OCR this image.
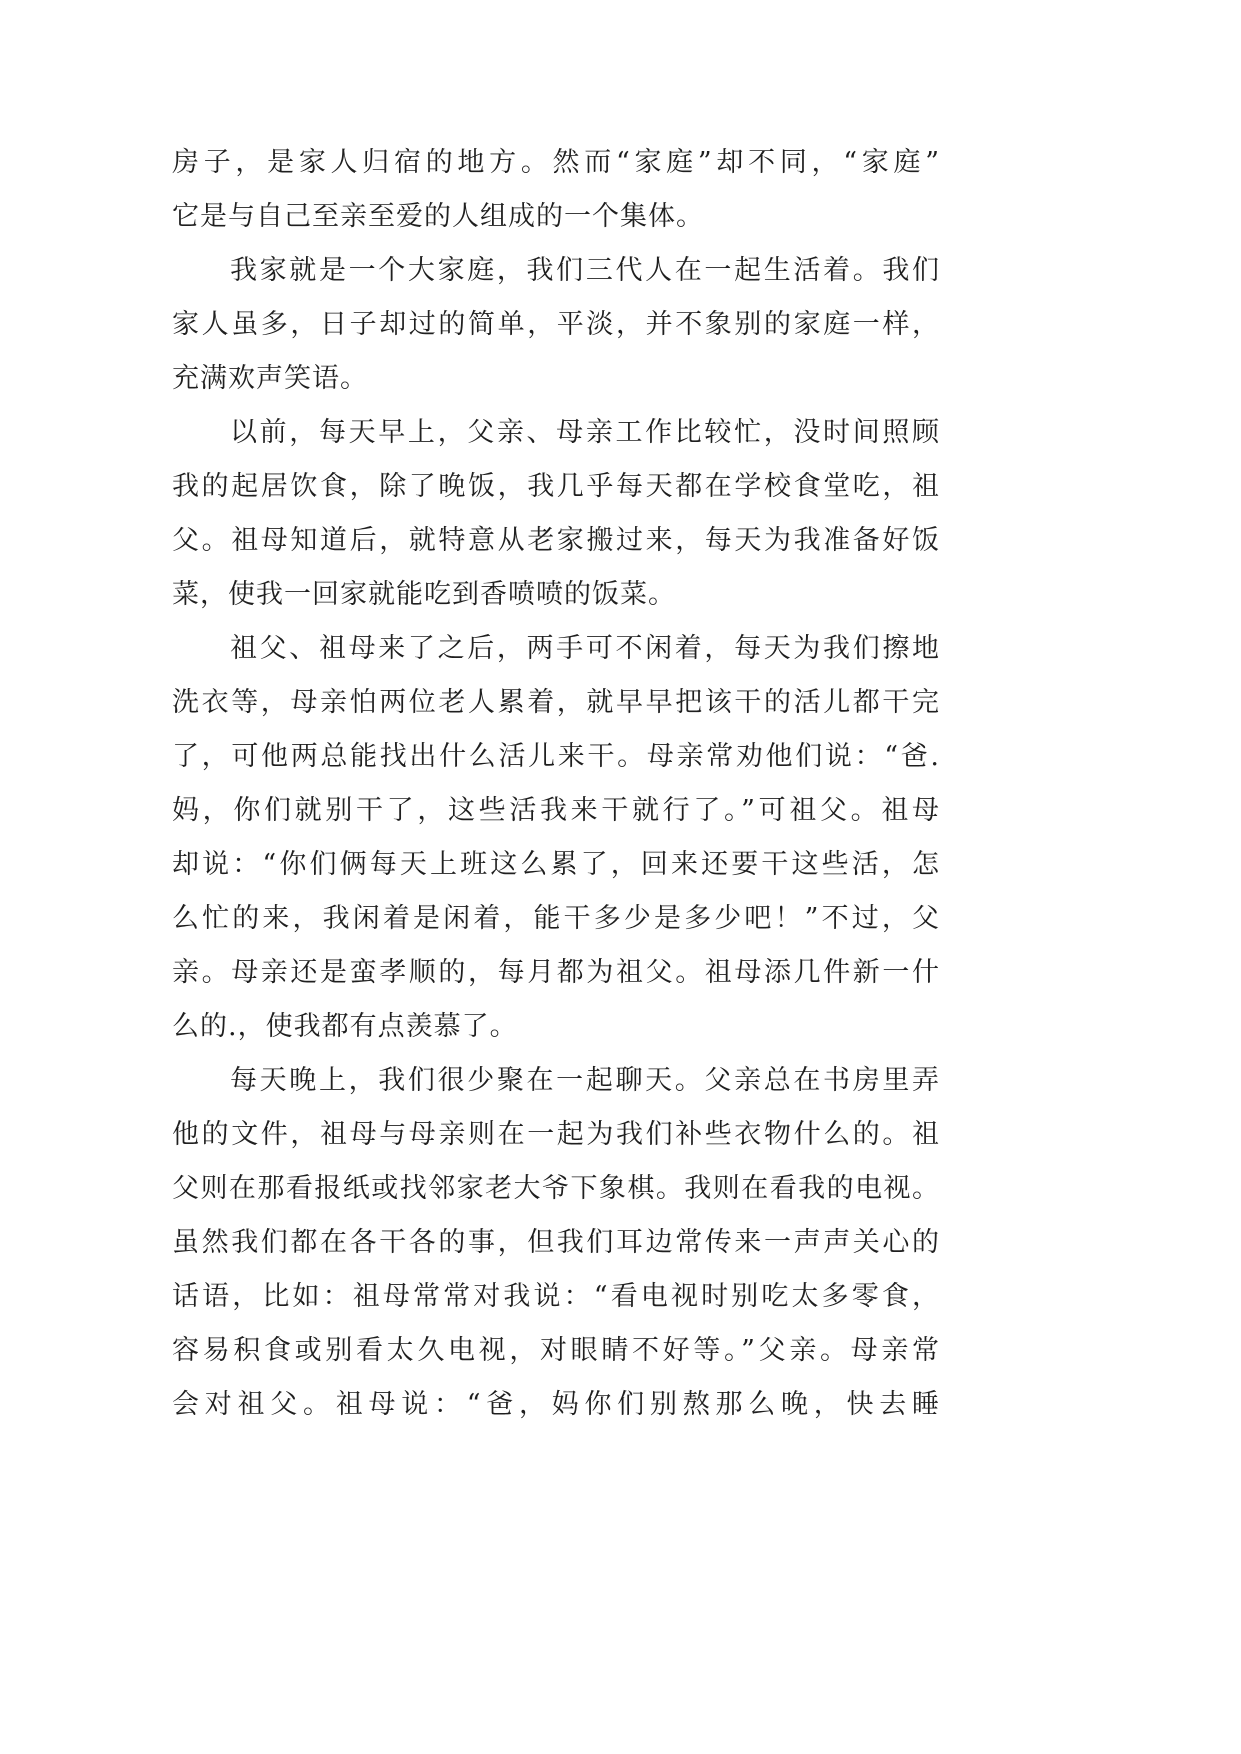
房子，是家人归宿的地方。然而“家庭”却不同，“家庭”
它是与自己至亲至爱的人组成的一个集体。
我家就是一个大家庭，我们三代人在一起生活着。我们
家人虽多，日子却过的简单，平淡，并不象别的家庭一样，
充满欢声笑语。
以前，每天早上，父亲、母亲工作比较忙，没时间照顾
我的起居饮食，除了晚饭，我几乎每天都在学校食堂吃，祖
父。祖母知道后，就特意从老家搬过来，每天为我准备好饭
菜，使我一回家就能吃到香喷喷的饭菜。
祖父、祖母来了之后，两手可不闲着，每天为我们擦地
洗衣等，母亲怕两位老人累着，就早早把该干的活儿都干完
了，可他两总能找出什么活儿来干。母亲常劝他们说：“爸.
妈，你们就别干了，这些活我来干就行了。”可祖父。祖母
却说：“你们俩每天上班这么累了，回来还要干这些活，怎
么忙的来，我闲着是闲着，能干多少是多少吧！”不过，父
亲。母亲还是蛮孝顺的，每月都为祖父。祖母添几件新一什
么的.，使我都有点羡慕了。
每天晚上，我们很少聚在一起聊天。父亲总在书房里弄
他的文件，祖母与母亲则在一起为我们补些衣物什么的。祖
父则在那看报纸或找邻家老大爷下象棋。我则在看我的电视。
虽然我们都在各干各的事，但我们耳边常传来一声声关心的
话语，比如：祖母常常对我说：“看电视时别吃太多零食，
容易积食或别看太久电视，对眼睛不好等。”父亲。母亲常
会对祖父。祖母说：“爸，妈你们别熬那么晚，快去睡
